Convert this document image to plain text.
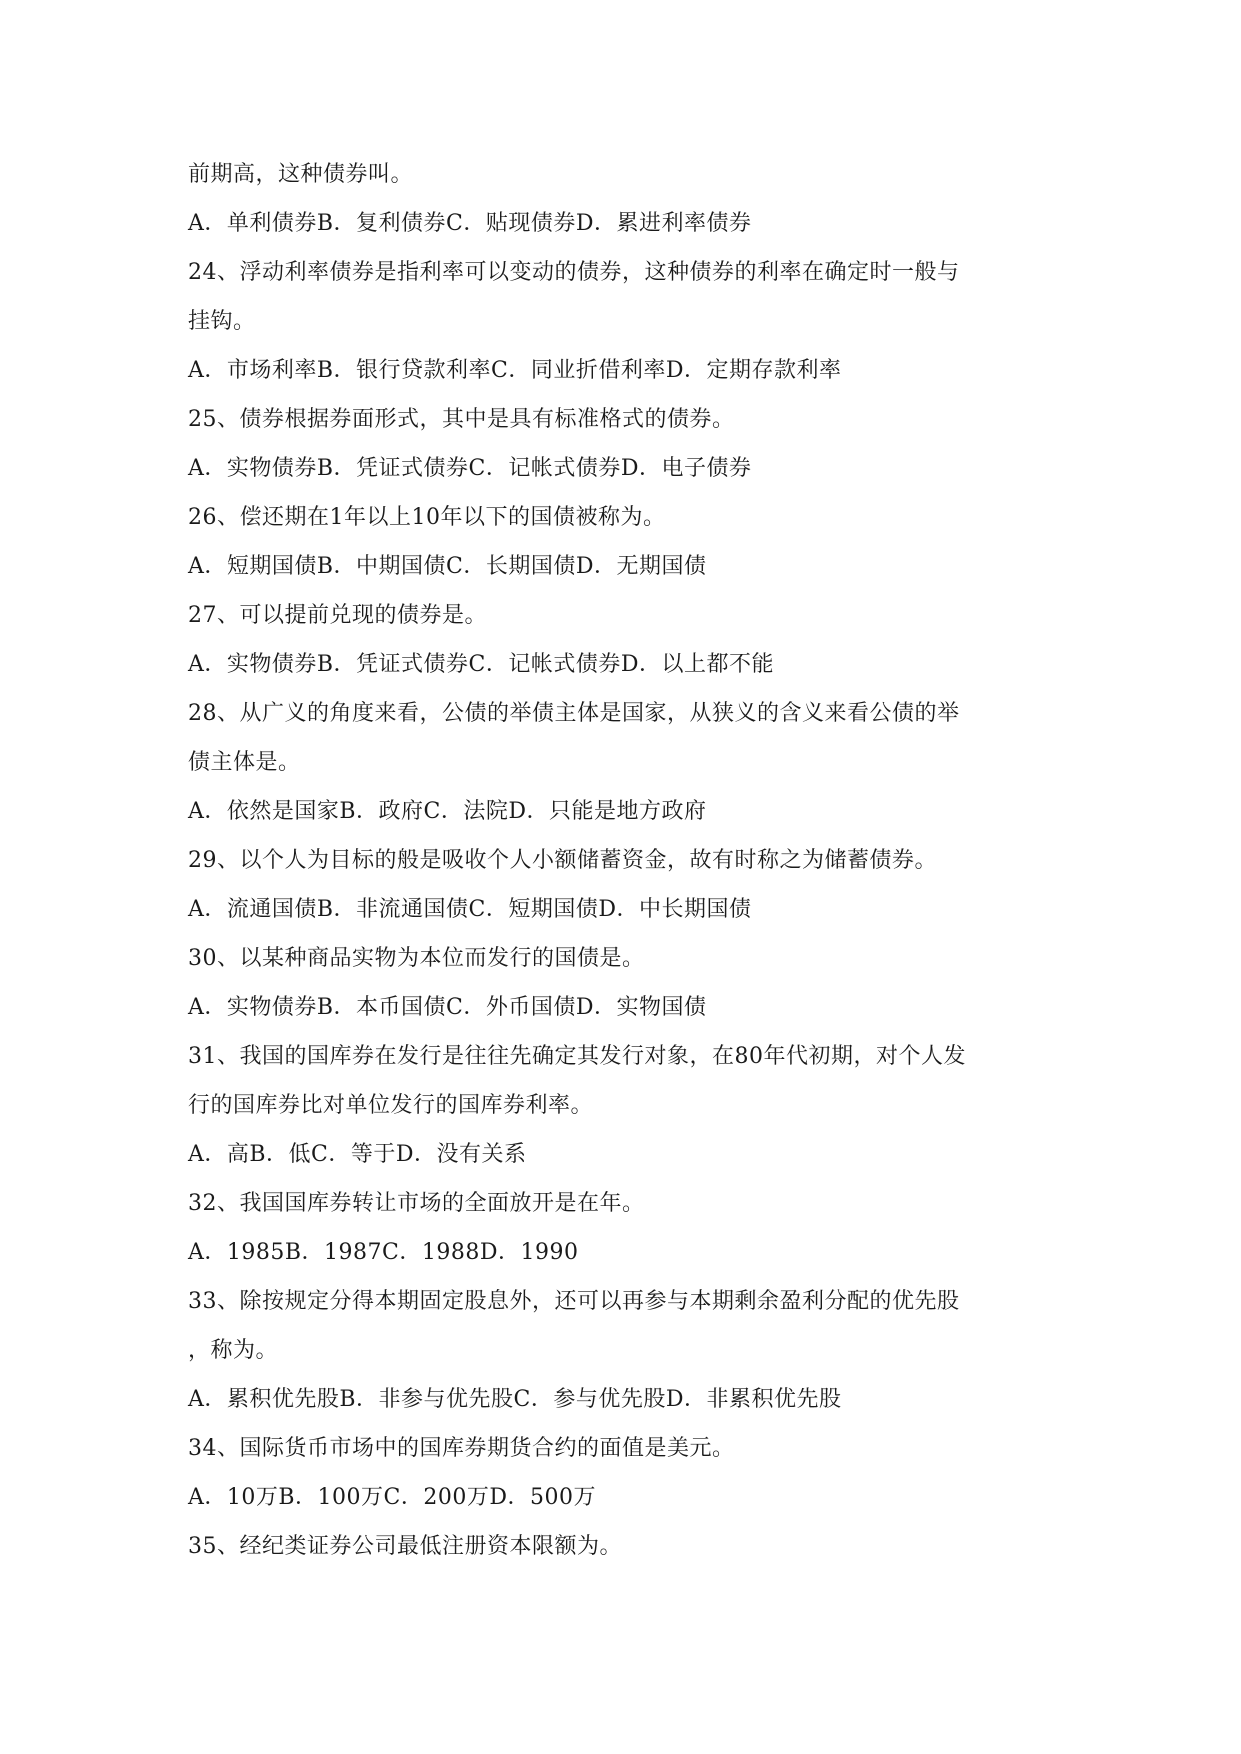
前期高，这种债券叫。
A．单利债券B．复利债券C．贴现债券D．累进利率债券
24、浮动利率债券是指利率可以变动的债券，这种债券的利率在确定时一般与
挂钩。
A．市场利率B．银行贷款利率C．同业折借利率D．定期存款利率
25、债券根据券面形式，其中是具有标准格式的债券。
A．实物债券B．凭证式债券C．记帐式债券D．电子债券
26、偿还期在1年以上10年以下的国债被称为。
A．短期国债B．中期国债C．长期国债D．无期国债
27、可以提前兑现的债券是。
A．实物债券B．凭证式债券C．记帐式债券D．以上都不能
28、从广义的角度来看，公债的举债主体是国家，从狭义的含义来看公债的举
债主体是。
A．依然是国家B．政府C．法院D．只能是地方政府
29、以个人为目标的般是吸收个人小额储蓄资金，故有时称之为储蓄债券。
A．流通国债B．非流通国债C．短期国债D．中长期国债
30、以某种商品实物为本位而发行的国债是。
A．实物债券B．本币国债C．外币国债D．实物国债
31、我国的国库券在发行是往往先确定其发行对象，在80年代初期，对个人发
行的国库券比对单位发行的国库券利率。
A．高B．低C．等于D．没有关系
32、我国国库券转让市场的全面放开是在年。
A．1985B．1987C．1988D．1990
33、除按规定分得本期固定股息外，还可以再参与本期剩余盈利分配的优先股
，称为。
A．累积优先股B．非参与优先股C．参与优先股D．非累积优先股
34、国际货币市场中的国库券期货合约的面值是美元。
A．10万B．100万C．200万D．500万
35、经纪类证券公司最低注册资本限额为。
